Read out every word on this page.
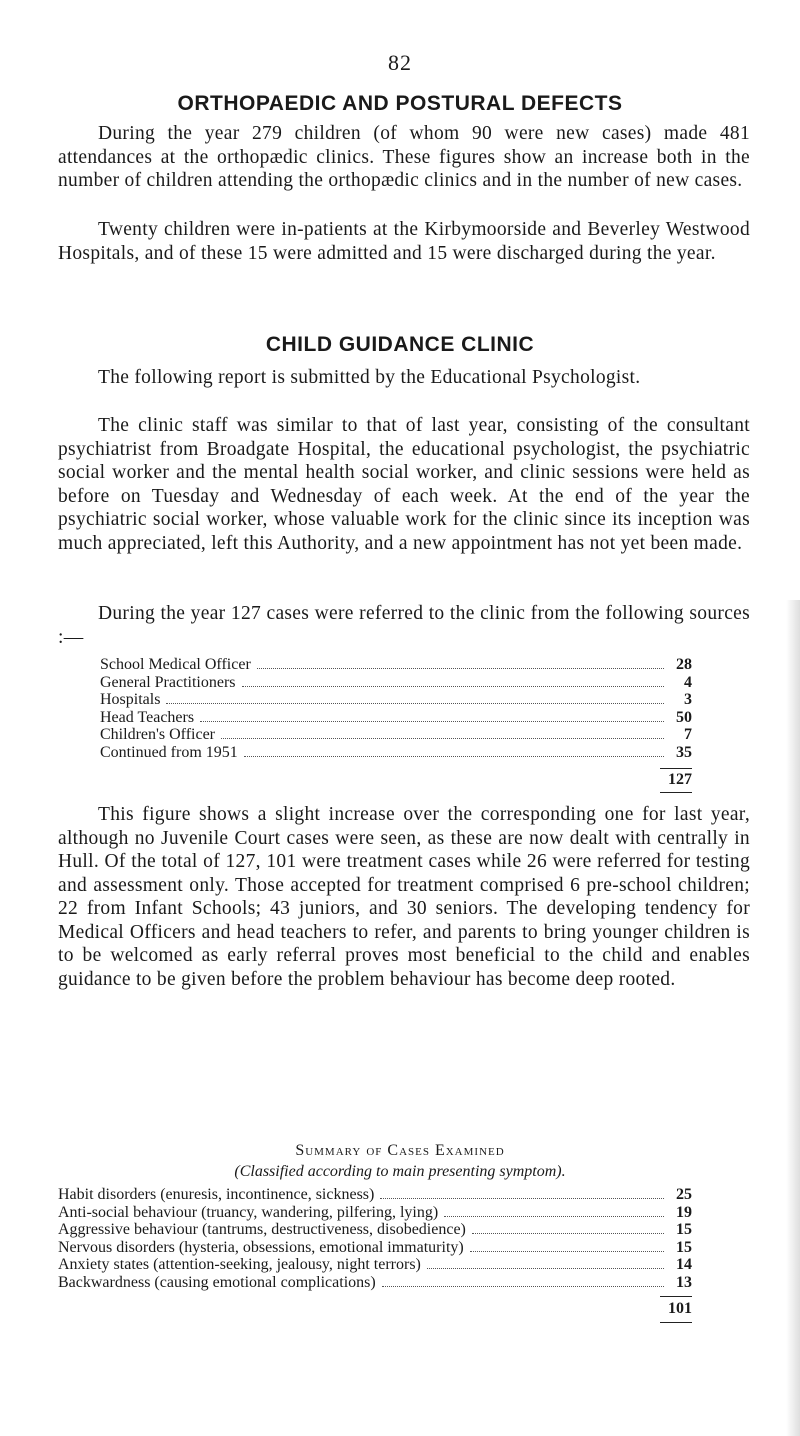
82
ORTHOPAEDIC AND POSTURAL DEFECTS

During the year 279 children (of whom 90 were new cases) made 481 attendances at the orthopædic clinics. These figures show an increase both in the number of children attending the orthopædic clinics and in the number of new cases.

Twenty children were in-patients at the Kirbymoorside and Beverley Westwood Hospitals, and of these 15 were admitted and 15 were discharged during the year.

CHILD GUIDANCE CLINIC

The following report is submitted by the Educational Psychologist.

The clinic staff was similar to that of last year, consisting of the consultant psychiatrist from Broadgate Hospital, the educational psychologist, the psychiatric social worker and the mental health social worker, and clinic sessions were held as before on Tuesday and Wednesday of each week. At the end of the year the psychiatric social worker, whose valuable work for the clinic since its inception was much appreciated, left this Authority, and a new appointment has not yet been made.

During the year 127 cases were referred to the clinic from the following sources :—

School Medical Officer	28
General Practitioners	4
Hospitals	3
Head Teachers	50
Children's Officer	7
Continued from 1951	35
127

This figure shows a slight increase over the corresponding one for last year, although no Juvenile Court cases were seen, as these are now dealt with centrally in Hull. Of the total of 127, 101 were treatment cases while 26 were referred for testing and assessment only. Those accepted for treatment comprised 6 pre-school children; 22 from Infant Schools; 43 juniors, and 30 seniors. The developing tendency for Medical Officers and head teachers to refer, and parents to bring younger children is to be welcomed as early referral proves most beneficial to the child and enables guidance to be given before the problem behaviour has become deep rooted.

Summary of Cases Examined
(Classified according to main presenting symptom).
Habit disorders (enuresis, incontinence, sickness)	25
Anti-social behaviour (truancy, wandering, pilfering, lying)	19
Aggressive behaviour (tantrums, destructiveness, disobedience)	15
Nervous disorders (hysteria, obsessions, emotional immaturity)	15
Anxiety states (attention-seeking, jealousy, night terrors)	14
Backwardness (causing emotional complications)	13
101
